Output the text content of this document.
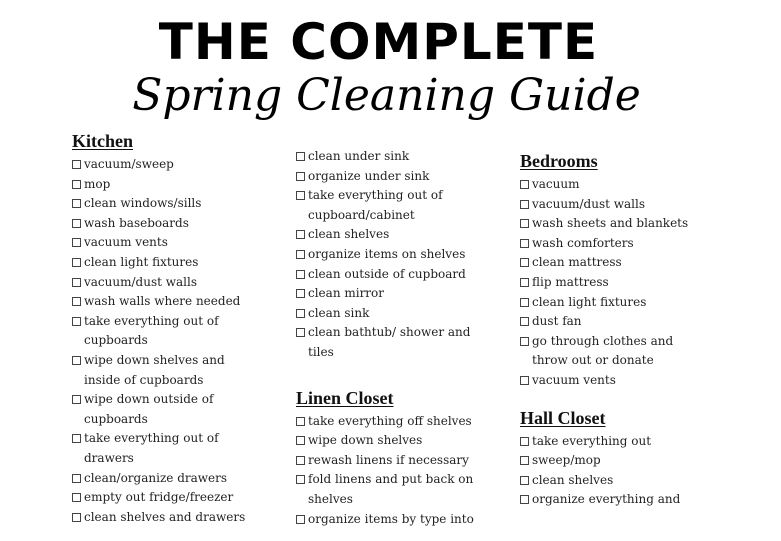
THE COMPLETE
Spring Cleaning Guide
Kitchen
vacuum/sweep
mop
clean windows/sills
wash baseboards
vacuum vents
clean light fixtures
vacuum/dust walls
wash walls where needed
take everything out of cupboards
wipe down shelves and inside of cupboards
wipe down outside of cupboards
take everything out of drawers
clean/organize drawers
empty out fridge/freezer
clean shelves and drawers
clean under sink
organize under sink
take everything out of cupboard/cabinet
clean shelves
organize items on shelves
clean outside of cupboard
clean mirror
clean sink
clean bathtub/ shower and tiles
Linen Closet
take everything off shelves
wipe down shelves
rewash linens if necessary
fold linens and put back on shelves
organize items by type into
Bedrooms
vacuum
vacuum/dust walls
wash sheets and blankets
wash comforters
clean mattress
flip mattress
clean light fixtures
dust fan
go through clothes and throw out or donate
vacuum vents
Hall Closet
take everything out
sweep/mop
clean shelves
organize everything and
